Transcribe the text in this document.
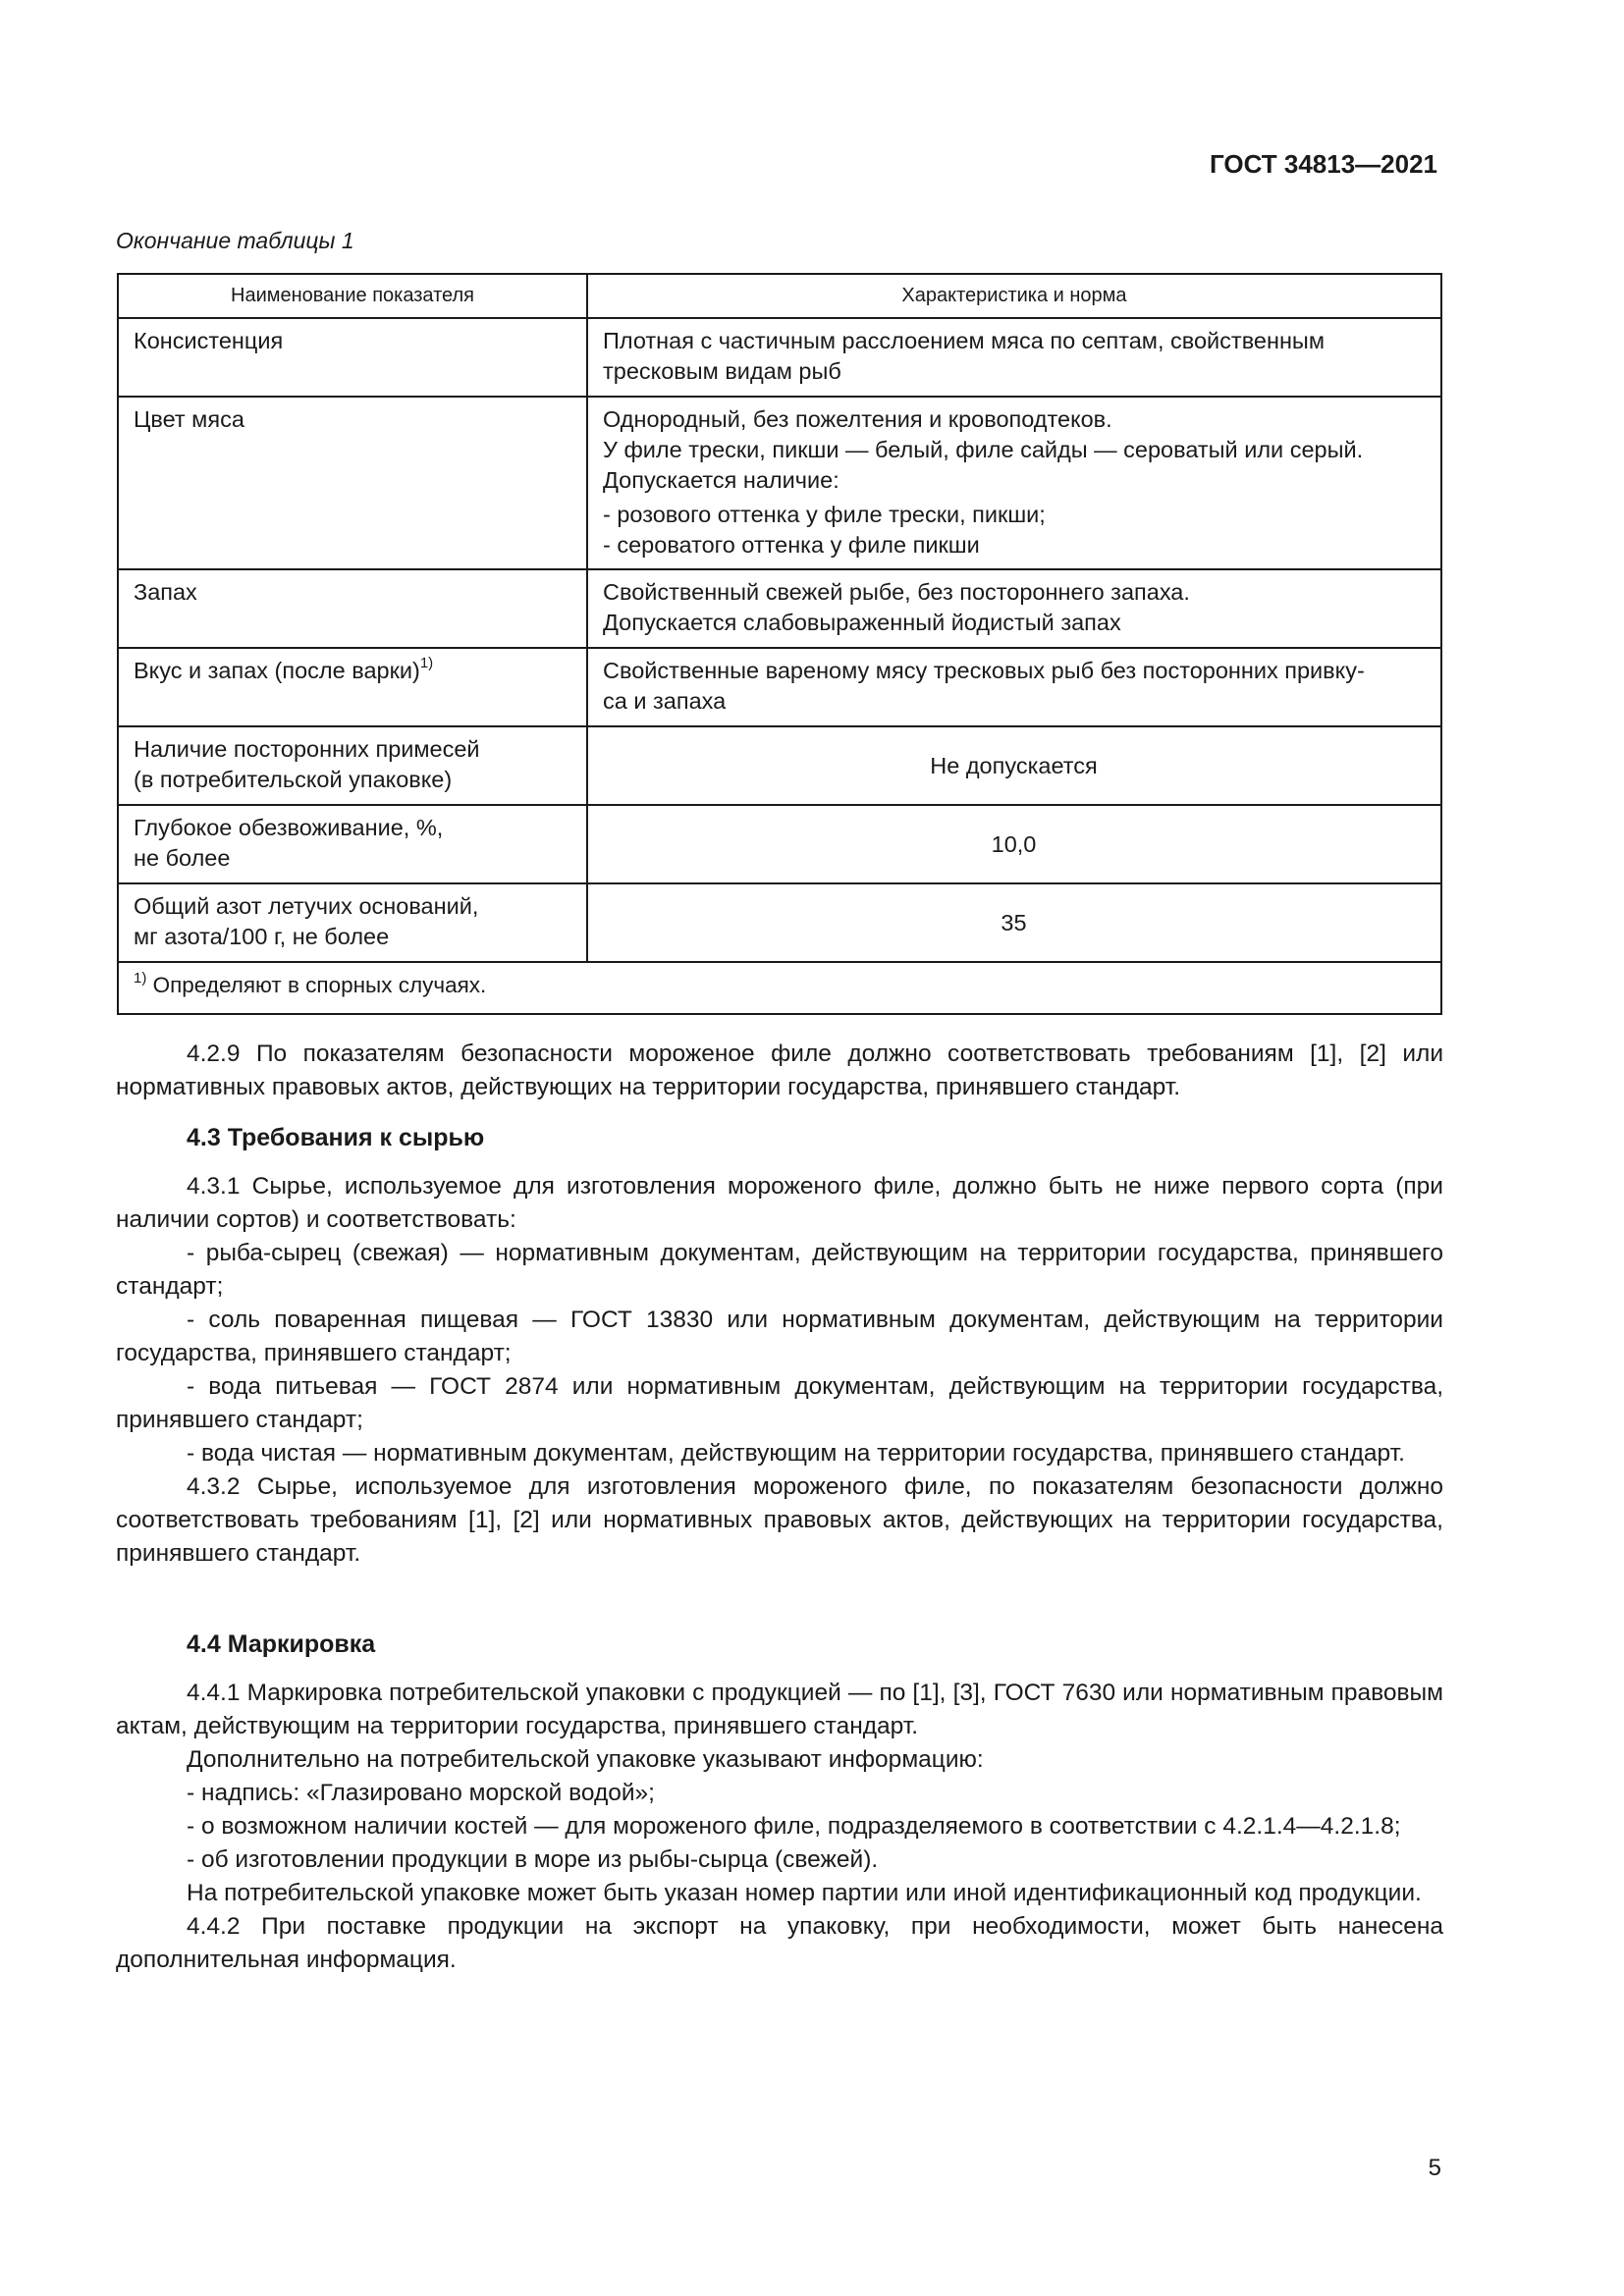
ГОСТ 34813—2021
Окончание таблицы 1
Наименование показателя	Характеристика и норма

Консистенция	Плотная с частичным расслоением мяса по септам, свойственным
тресковым видам рыб

Цвет мяса	Однородный, без пожелтения и кровоподтеков.
У филе трески, пикши — белый, филе сайды — сероватый или серый.
Допускается наличие:
- розового оттенка у филе трески, пикши;
- сероватого оттенка у филе пикши

Запах	Свойственный свежей рыбе, без постороннего запаха.
Допускается слабовыраженный йодистый запах

Вкус и запах (после варки)$^{1)}$	Свойственные вареному мясу тресковых рыб без посторонних привку-
са и запаха

Наличие посторонних примесей
(в потребительской упаковке)	Не допускается

Глубокое обезвоживание, %,
не более	10,0

Общий азот летучих оснований,
мг азота/100 г, не более	35
$^{1)}$ Определяют в спорных случаях.	

4.2.9 По показателям безопасности мороженое филе должно соответствовать требованиям [1], [2] или нормативных правовых актов, действующих на территории государства, принявшего стандарт.

4.3 Требования к сырью

4.3.1 Сырье, используемое для изготовления мороженого филе, должно быть не ниже первого сорта (при наличии сортов) и соответствовать:

- рыба-сырец (свежая) — нормативным документам, действующим на территории государства, принявшего стандарт;

- соль поваренная пищевая — ГОСТ 13830 или нормативным документам, действующим на территории государства, принявшего стандарт;

- вода питьевая — ГОСТ 2874 или нормативным документам, действующим на территории государства, принявшего стандарт;

- вода чистая — нормативным документам, действующим на территории государства, принявшего стандарт.

4.3.2 Сырье, используемое для изготовления мороженого филе, по показателям безопасности должно соответствовать требованиям [1], [2] или нормативных правовых актов, действующих на территории государства, принявшего стандарт.

4.4 Маркировка

4.4.1 Маркировка потребительской упаковки с продукцией — по [1], [3], ГОСТ 7630 или нормативным правовым актам, действующим на территории государства, принявшего стандарт.

Дополнительно на потребительской упаковке указывают информацию:

- надпись: «Глазировано морской водой»;

- о возможном наличии костей — для мороженого филе, подразделяемого в соответствии с 4.2.1.4—4.2.1.8;

- об изготовлении продукции в море из рыбы-сырца (свежей).

На потребительской упаковке может быть указан номер партии или иной идентификационный код продукции.

4.4.2 При поставке продукции на экспорт на упаковку, при необходимости, может быть нанесена дополнительная информация.

5
